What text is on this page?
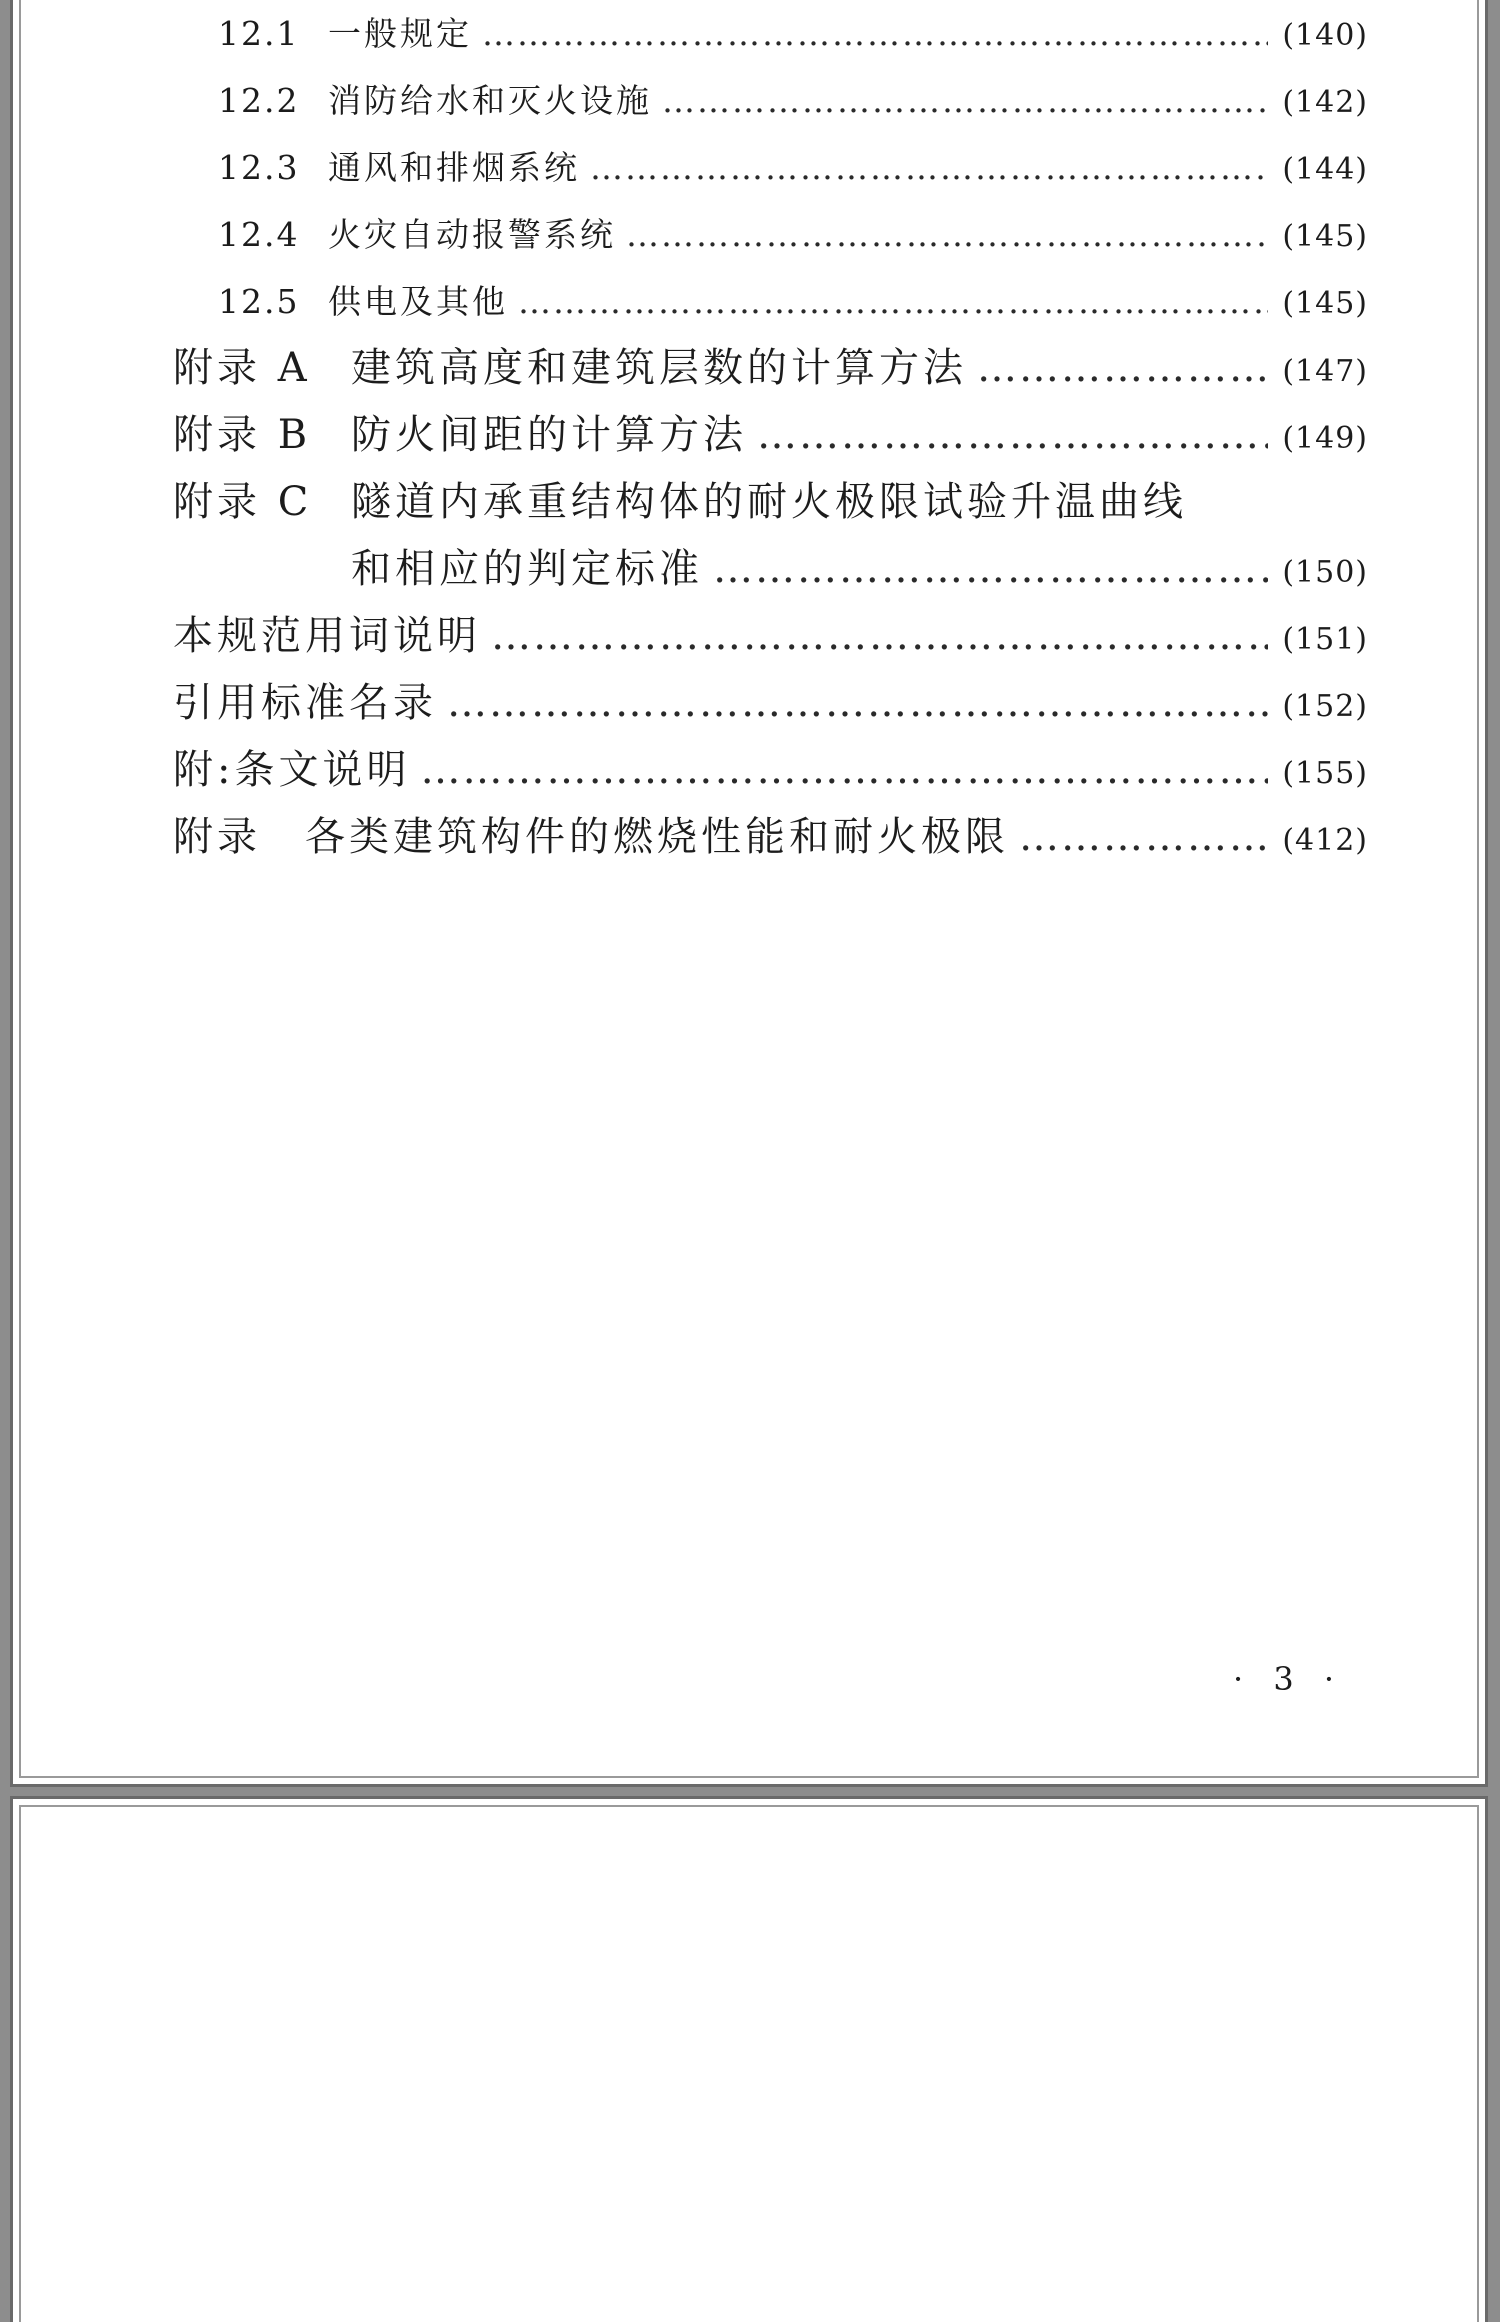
12.1 一般规定 ………………………………………………………………………………………………………………………………………………………………………………………………	(140)
12.2 消防给水和灭火设施 ………………………………………………………………………………………………………………………………………………………………………………………………	(142)
12.3 通风和排烟系统 ………………………………………………………………………………………………………………………………………………………………………………………………	(144)
12.4 火灾自动报警系统 ………………………………………………………………………………………………………………………………………………………………………………………………	(145)
12.5 供电及其他 ………………………………………………………………………………………………………………………………………………………………………………………………	(145)
附录 A	建筑高度和建筑层数的计算方法 ………………………………………………………………………………………………………………………………………………………………………………………………	(147)
附录 B 防火间距的计算方法 ………………………………………………………………………………………………………………………………………………………………………………………………	(149)
附录 C 隧道内承重结构体的耐火极限试验升温曲线
和相应的判定标准 ………………………………………………………………………………………………………………………………………………………………………………………………	(150)
本规范用词说明 ………………………………………………………………………………………………………………………………………………………………………………………………	(151)
引用标准名录 ………………………………………………………………………………………………………………………………………………………………………………………………	(152)
附:条文说明 ………………………………………………………………………………………………………………………………………………………………………………………………	(155)
附录	各类建筑构件的燃烧性能和耐火极限 ………………………………………………………………………………………………………………………………………………………………………………………………	(412)
· 3 ·
